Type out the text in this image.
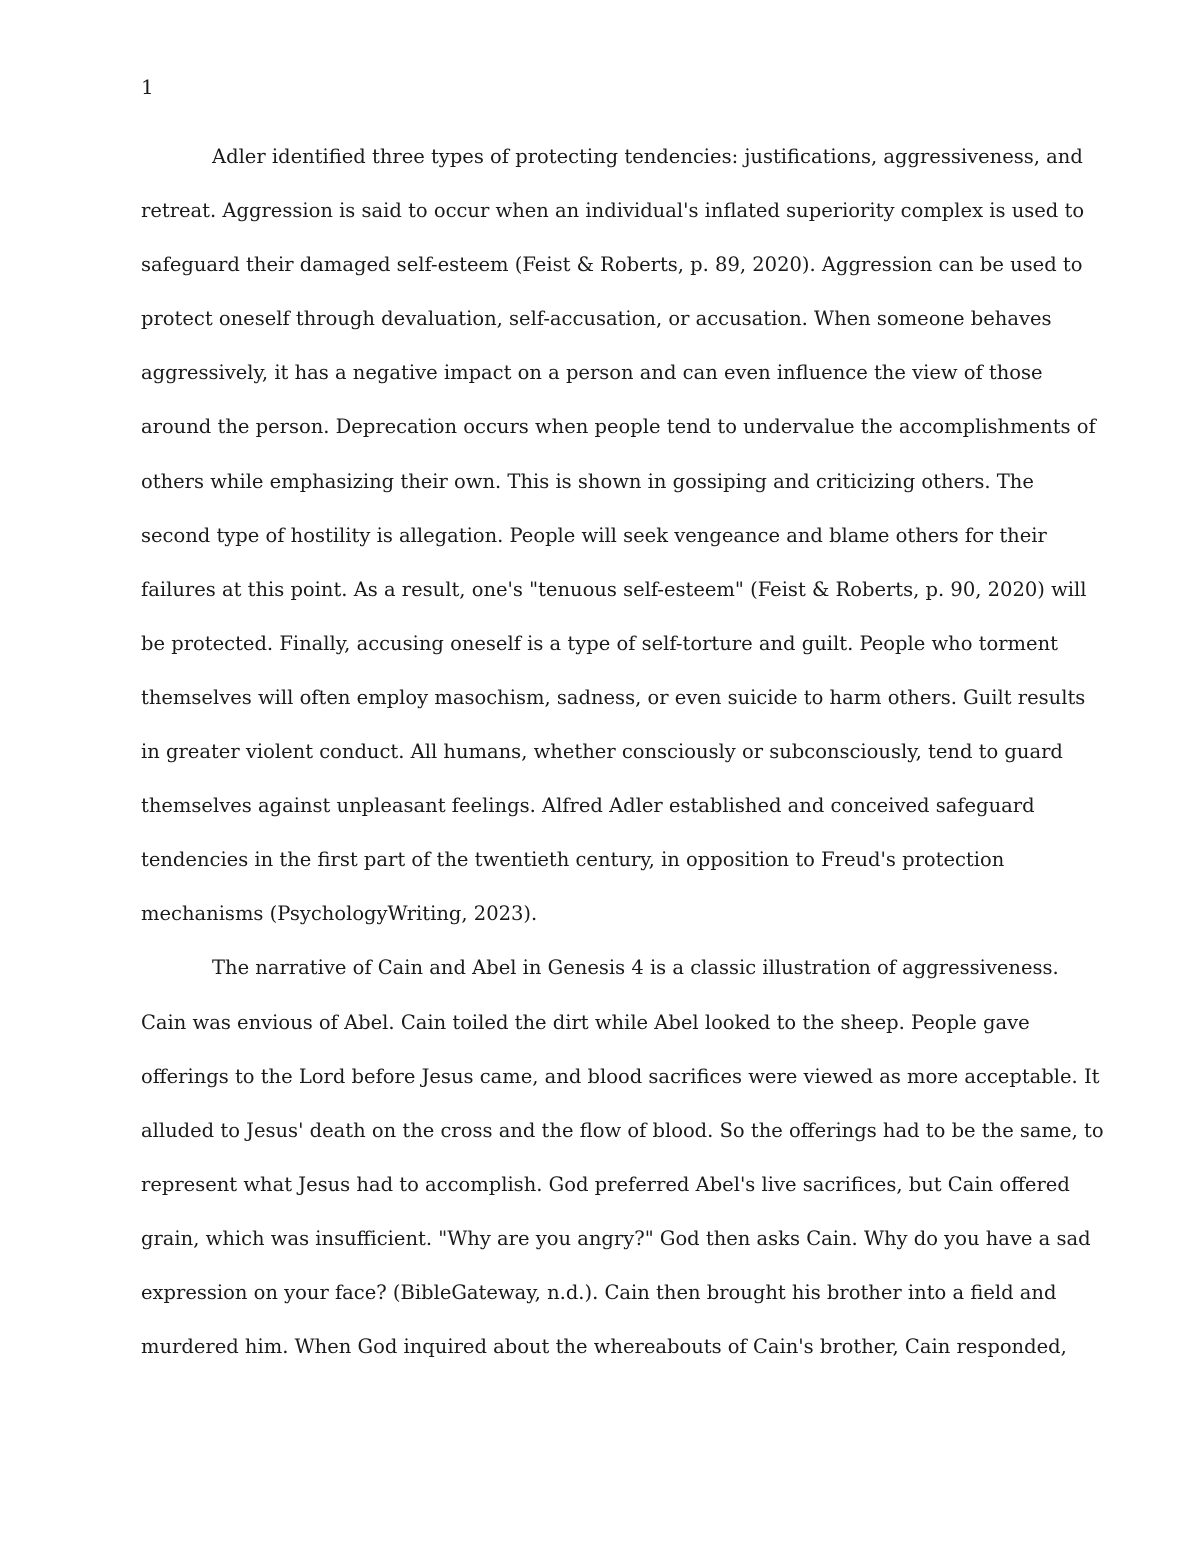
1
Adler identified three types of protecting tendencies: justifications, aggressiveness, and
retreat. Aggression is said to occur when an individual's inflated superiority complex is used to
safeguard their damaged self-esteem (Feist & Roberts, p. 89, 2020). Aggression can be used to
protect oneself through devaluation, self-accusation, or accusation. When someone behaves
aggressively, it has a negative impact on a person and can even influence the view of those
around the person. Deprecation occurs when people tend to undervalue the accomplishments of
others while emphasizing their own. This is shown in gossiping and criticizing others. The
second type of hostility is allegation. People will seek vengeance and blame others for their
failures at this point. As a result, one's "tenuous self-esteem" (Feist & Roberts, p. 90, 2020) will
be protected. Finally, accusing oneself is a type of self-torture and guilt. People who torment
themselves will often employ masochism, sadness, or even suicide to harm others. Guilt results
in greater violent conduct. All humans, whether consciously or subconsciously, tend to guard
themselves against unpleasant feelings. Alfred Adler established and conceived safeguard
tendencies in the first part of the twentieth century, in opposition to Freud's protection
mechanisms (PsychologyWriting, 2023).
The narrative of Cain and Abel in Genesis 4 is a classic illustration of aggressiveness.
Cain was envious of Abel. Cain toiled the dirt while Abel looked to the sheep. People gave
offerings to the Lord before Jesus came, and blood sacrifices were viewed as more acceptable. It
alluded to Jesus' death on the cross and the flow of blood. So the offerings had to be the same, to
represent what Jesus had to accomplish. God preferred Abel's live sacrifices, but Cain offered
grain, which was insufficient. "Why are you angry?" God then asks Cain. Why do you have a sad
expression on your face? (BibleGateway, n.d.). Cain then brought his brother into a field and
murdered him. When God inquired about the whereabouts of Cain's brother, Cain responded,
